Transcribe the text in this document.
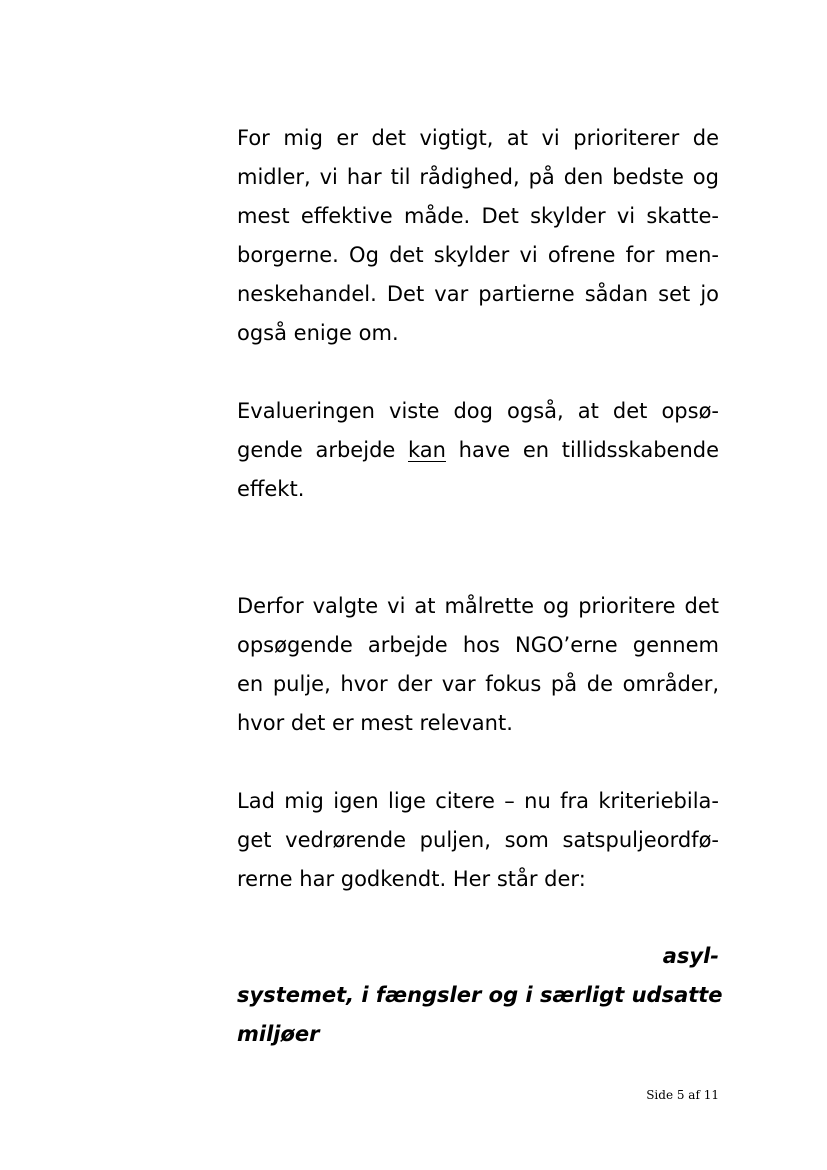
For mig er det vigtigt, at vi prioriterer de
midler, vi har til rådighed, på den bedste og
mest effektive måde. Det skylder vi skatte-
borgerne. Og det skylder vi ofrene for men-
neskehandel. Det var partierne sådan set jo
også enige om.
Evalueringen viste dog også, at det opsø-
gende arbejde kan have en tillidsskabende
effekt.
Derfor valgte vi at målrette og prioritere det
opsøgende arbejde hos NGO’erne gennem
en pulje, hvor der var fokus på de områder,
hvor det er mest relevant.
Lad mig igen lige citere – nu fra kriteriebila-
get vedrørende puljen, som satspuljeordfø-
rerne har godkendt. Her står der:
asyl-
systemet, i fængsler og i særligt udsatte
miljøer
Side 5 af 11
